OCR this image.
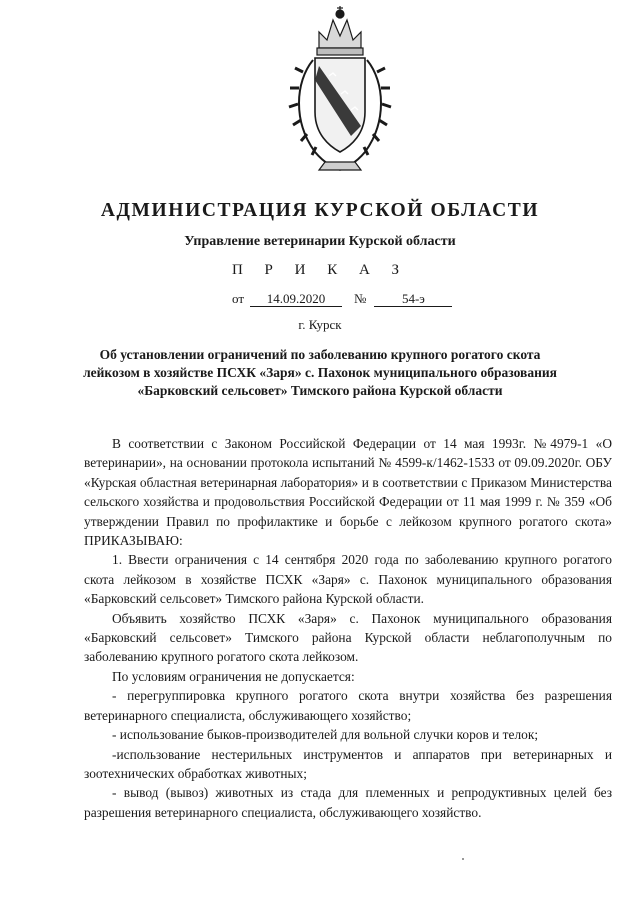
АДМИНИСТРАЦИЯ КУРСКОЙ ОБЛАСТИ
Управление ветеринарии Курской области
П Р И К А З
от 14.09.2020 №	54-э
г. Курск
Об установлении ограничений по заболеванию крупного рогатого скота лейкозом в хозяйстве ПСХК «Заря» с. Пахонок муниципального образования «Барковский сельсовет» Тимского района Курской области

В соответствии с Законом Российской Федерации от 14 мая 1993г. №4979-1 «О ветеринарии», на основании протокола испытаний № 4599-к/1462-1533 от 09.09.2020г. ОБУ «Курская областная ветеринарная лаборатория» и в соответствии с Приказом Министерства сельского хозяйства и продовольствия Российской Федерации от 11 мая 1999 г. № 359 «Об утверждении Правил по профилактике и борьбе с лейкозом крупного рогатого скота» ПРИКАЗЫВАЮ:

1. Ввести ограничения с 14 сентября 2020 года по заболеванию крупного рогатого скота лейкозом в хозяйстве ПСХК «Заря» с. Пахонок муниципального образования «Барковский сельсовет» Тимского района Курской области.

Объявить хозяйство ПСХК «Заря» с. Пахонок муниципального образования «Барковский сельсовет» Тимского района Курской области неблагополучным по заболеванию крупного рогатого скота лейкозом.

По условиям ограничения не допускается:

- перегруппировка крупного рогатого скота внутри хозяйства без разрешения ветеринарного специалиста, обслуживающего хозяйство;

- использование быков-производителей для вольной случки коров и телок;

-использование нестерильных инструментов и аппаратов при ветеринарных и зоотехнических обработках животных;

- вывод (вывоз) животных из стада для племенных и репродуктивных целей без разрешения ветеринарного специалиста, обслуживающего хозяйство.
